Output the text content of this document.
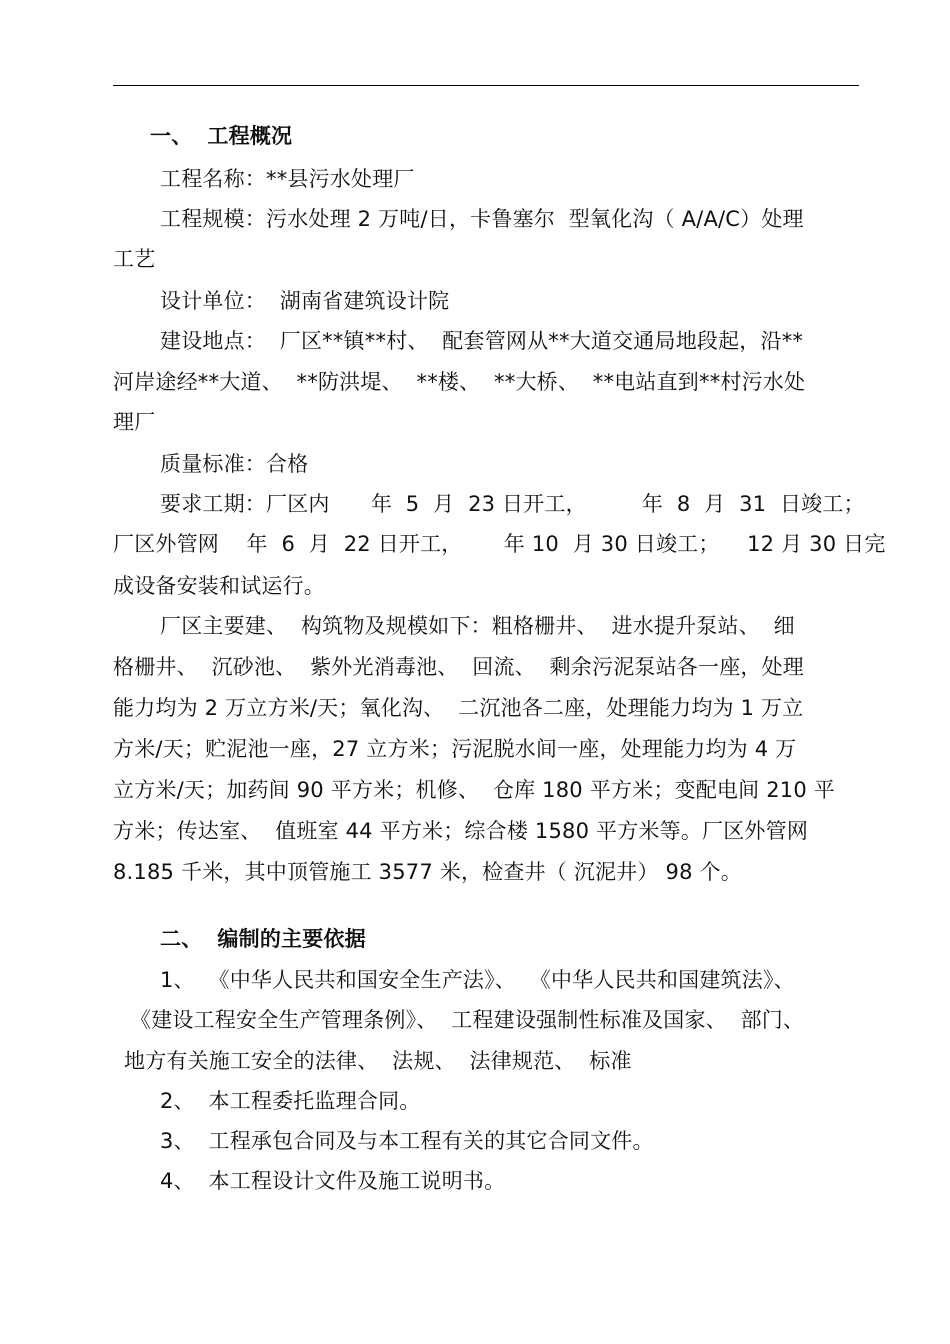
一、  工程概况
工程名称：**县污水处理厂
工程规模：污水处理 2 万吨/日，卡鲁塞尔  型氧化沟（ A/A/C）处理
工艺
设计单位：  湖南省建筑设计院
建设地点：  厂区**镇**村、  配套管网从**大道交通局地段起，沿**
河岸途经**大道、  **防洪堤、  **楼、  **大桥、  **电站直到**村污水处
理厂
质量标准：合格
要求工期：厂区内      年  5  月  23 日开工，        年  8  月  31  日竣工；
厂区外管网    年  6  月  22 日开工，      年 10  月 30 日竣工；    12 月 30 日完
成设备安装和试运行。
厂区主要建、  构筑物及规模如下：粗格栅井、  进水提升泵站、  细
格栅井、  沉砂池、  紫外光消毒池、  回流、  剩余污泥泵站各一座，处理
能力均为 2 万立方米/天；氧化沟、  二沉池各二座，处理能力均为 1 万立
方米/天；贮泥池一座，27 立方米；污泥脱水间一座，处理能力均为 4 万
立方米/天；加药间 90 平方米；机修、  仓库 180 平方米；变配电间 210 平
方米；传达室、  值班室 44 平方米；综合楼 1580 平方米等。厂区外管网
8.185 千米，其中顶管施工 3577 米，检查井（ 沉泥井） 98 个。
二、  编制的主要依据
1、  《中华人民共和国安全生产法》、  《中华人民共和国建筑法》、
《建设工程安全生产管理条例》、  工程建设强制性标准及国家、  部门、
地方有关施工安全的法律、  法规、  法律规范、  标准
2、  本工程委托监理合同。
3、  工程承包合同及与本工程有关的其它合同文件。
4、  本工程设计文件及施工说明书。
